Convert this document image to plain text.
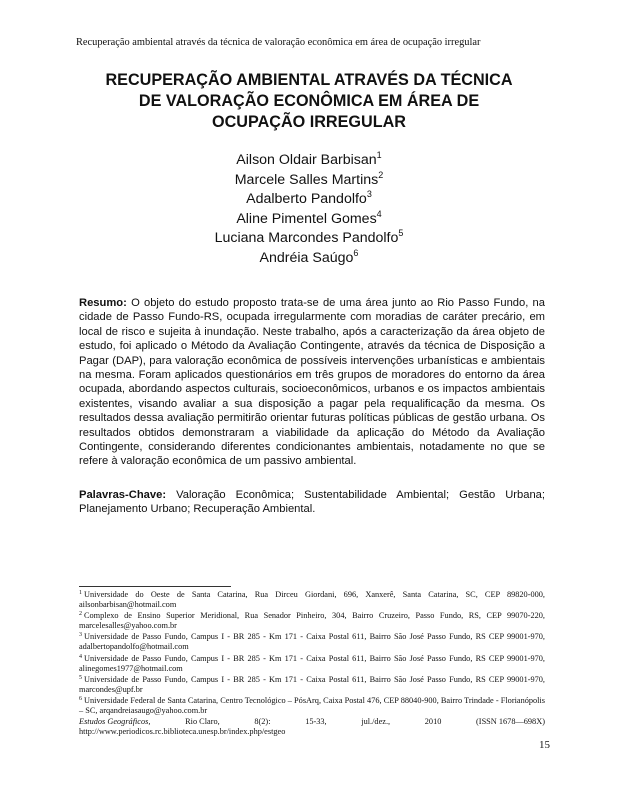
Recuperação ambiental através da técnica de valoração econômica em área de ocupação irregular
RECUPERAÇÃO AMBIENTAL ATRAVÉS DA TÉCNICA
DE VALORAÇÃO ECONÔMICA EM ÁREA DE
OCUPAÇÃO IRREGULAR
Ailson Oldair Barbisan$^1$
Marcele Salles Martins$^2$
Adalberto Pandolfo$^3$
Aline Pimentel Gomes$^4$
Luciana Marcondes Pandolfo$^5$
Andréia Saúgo$^6$

Resumo: O objeto do estudo proposto trata-se de uma área junto ao Rio Passo Fundo, na cidade de Passo Fundo-RS, ocupada irregularmente com moradias de caráter precário, em local de risco e sujeita à inundação. Neste trabalho, após a caracterização da área objeto de estudo, foi aplicado o Método da Avaliação Contingente, através da técnica de Disposição a Pagar (DAP), para valoração econômica de possíveis intervenções urbanísticas e ambientais na mesma. Foram aplicados questionários em três grupos de moradores do entorno da área ocupada, abordando aspectos culturais, socioeconômicos, urbanos e os impactos ambientais existentes, visando avaliar a sua disposição a pagar pela requalificação da mesma. Os resultados dessa avaliação permitirão orientar futuras políticas públicas de gestão urbana. Os resultados obtidos demonstraram a viabilidade da aplicação do Método da Avaliação Contingente, considerando diferentes condicionantes ambientais, notadamente no que se refere à valoração econômica de um passivo ambiental.

Palavras-Chave: Valoração Econômica; Sustentabilidade Ambiental; Gestão Urbana; Planejamento Urbano; Recuperação Ambiental.

$^1$ Universidade do Oeste de Santa Catarina, Rua Dirceu Giordani, 696, Xanxerê, Santa Catarina, SC, CEP 89820-000, ailsonbarbisan@hotmail.com

$^2$ Complexo de Ensino Superior Meridional, Rua Senador Pinheiro, 304, Bairro Cruzeiro, Passo Fundo, RS, CEP 99070-220, marcelesalles@yahoo.com.br

$^3$ Universidade de Passo Fundo, Campus I - BR 285 - Km 171 - Caixa Postal 611, Bairro São José Passo Fundo, RS CEP 99001-970, adalbertopandolfo@hotmail.com

$^4$ Universidade de Passo Fundo, Campus I - BR 285 - Km 171 - Caixa Postal 611, Bairro São José Passo Fundo, RS CEP 99001-970, alinegomes1977@hotmail.com

$^5$ Universidade de Passo Fundo, Campus I - BR 285 - Km 171 - Caixa Postal 611, Bairro São José Passo Fundo, RS CEP 99001-970, marcondes@upf.br

$^6$ Universidade Federal de Santa Catarina, Centro Tecnológico – PósArq, Caixa Postal 476, CEP 88040-900, Bairro Trindade - Florianópolis – SC, arqandreiasaugo@yahoo.com.br

Estudos Geográficos,	Rio Claro,	8(2):	15-33,	jul./dez.,	2010	(ISSN 1678—698X)
http://www.periodicos.rc.biblioteca.unesp.br/index.php/estgeo
15
